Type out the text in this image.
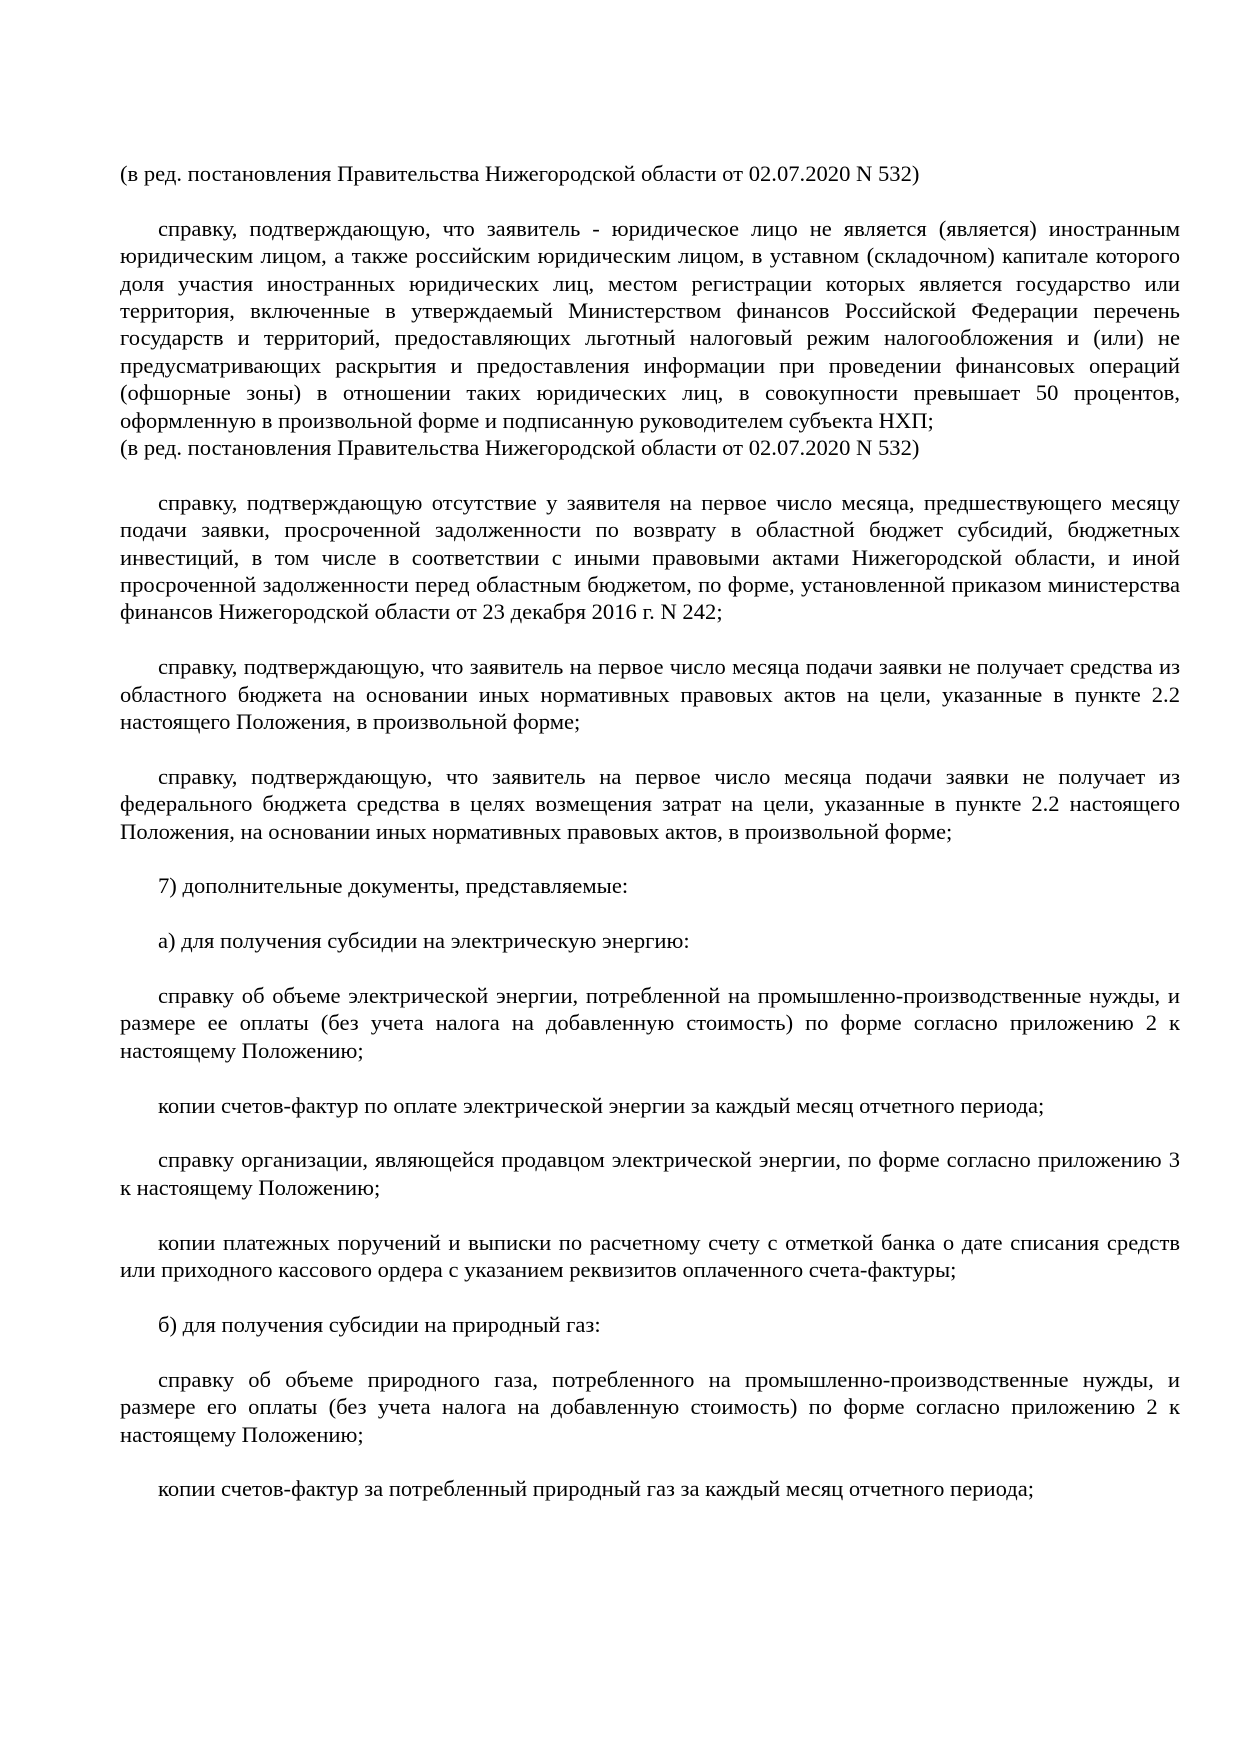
(в ред. постановления Правительства Нижегородской области от 02.07.2020 N 532)

справку, подтверждающую, что заявитель - юридическое лицо не является (является) иностранным юридическим лицом, а также российским юридическим лицом, в уставном (складочном) капитале которого доля участия иностранных юридических лиц, местом регистрации которых является государство или территория, включенные в утверждаемый Министерством финансов Российской Федерации перечень государств и территорий, предоставляющих льготный налоговый режим налогообложения и (или) не предусматривающих раскрытия и предоставления информации при проведении финансовых операций (офшорные зоны) в отношении таких юридических лиц, в совокупности превышает 50 процентов, оформленную в произвольной форме и подписанную руководителем субъекта НХП;

(в ред. постановления Правительства Нижегородской области от 02.07.2020 N 532)

справку, подтверждающую отсутствие у заявителя на первое число месяца, предшествующего месяцу подачи заявки, просроченной задолженности по возврату в областной бюджет субсидий, бюджетных инвестиций, в том числе в соответствии с иными правовыми актами Нижегородской области, и иной просроченной задолженности перед областным бюджетом, по форме, установленной приказом министерства финансов Нижегородской области от 23 декабря 2016 г. N 242;

справку, подтверждающую, что заявитель на первое число месяца подачи заявки не получает средства из областного бюджета на основании иных нормативных правовых актов на цели, указанные в пункте 2.2 настоящего Положения, в произвольной форме;

справку, подтверждающую, что заявитель на первое число месяца подачи заявки не получает из федерального бюджета средства в целях возмещения затрат на цели, указанные в пункте 2.2 настоящего Положения, на основании иных нормативных правовых актов, в произвольной форме;

7) дополнительные документы, представляемые:

а) для получения субсидии на электрическую энергию:

справку об объеме электрической энергии, потребленной на промышленно-производственные нужды, и размере ее оплаты (без учета налога на добавленную стоимость) по форме согласно приложению 2 к настоящему Положению;

копии счетов-фактур по оплате электрической энергии за каждый месяц отчетного периода;

справку организации, являющейся продавцом электрической энергии, по форме согласно приложению 3 к настоящему Положению;

копии платежных поручений и выписки по расчетному счету с отметкой банка о дате списания средств или приходного кассового ордера с указанием реквизитов оплаченного счета-фактуры;

б) для получения субсидии на природный газ:

справку об объеме природного газа, потребленного на промышленно-производственные нужды, и размере его оплаты (без учета налога на добавленную стоимость) по форме согласно приложению 2 к настоящему Положению;

копии счетов-фактур за потребленный природный газ за каждый месяц отчетного периода;
